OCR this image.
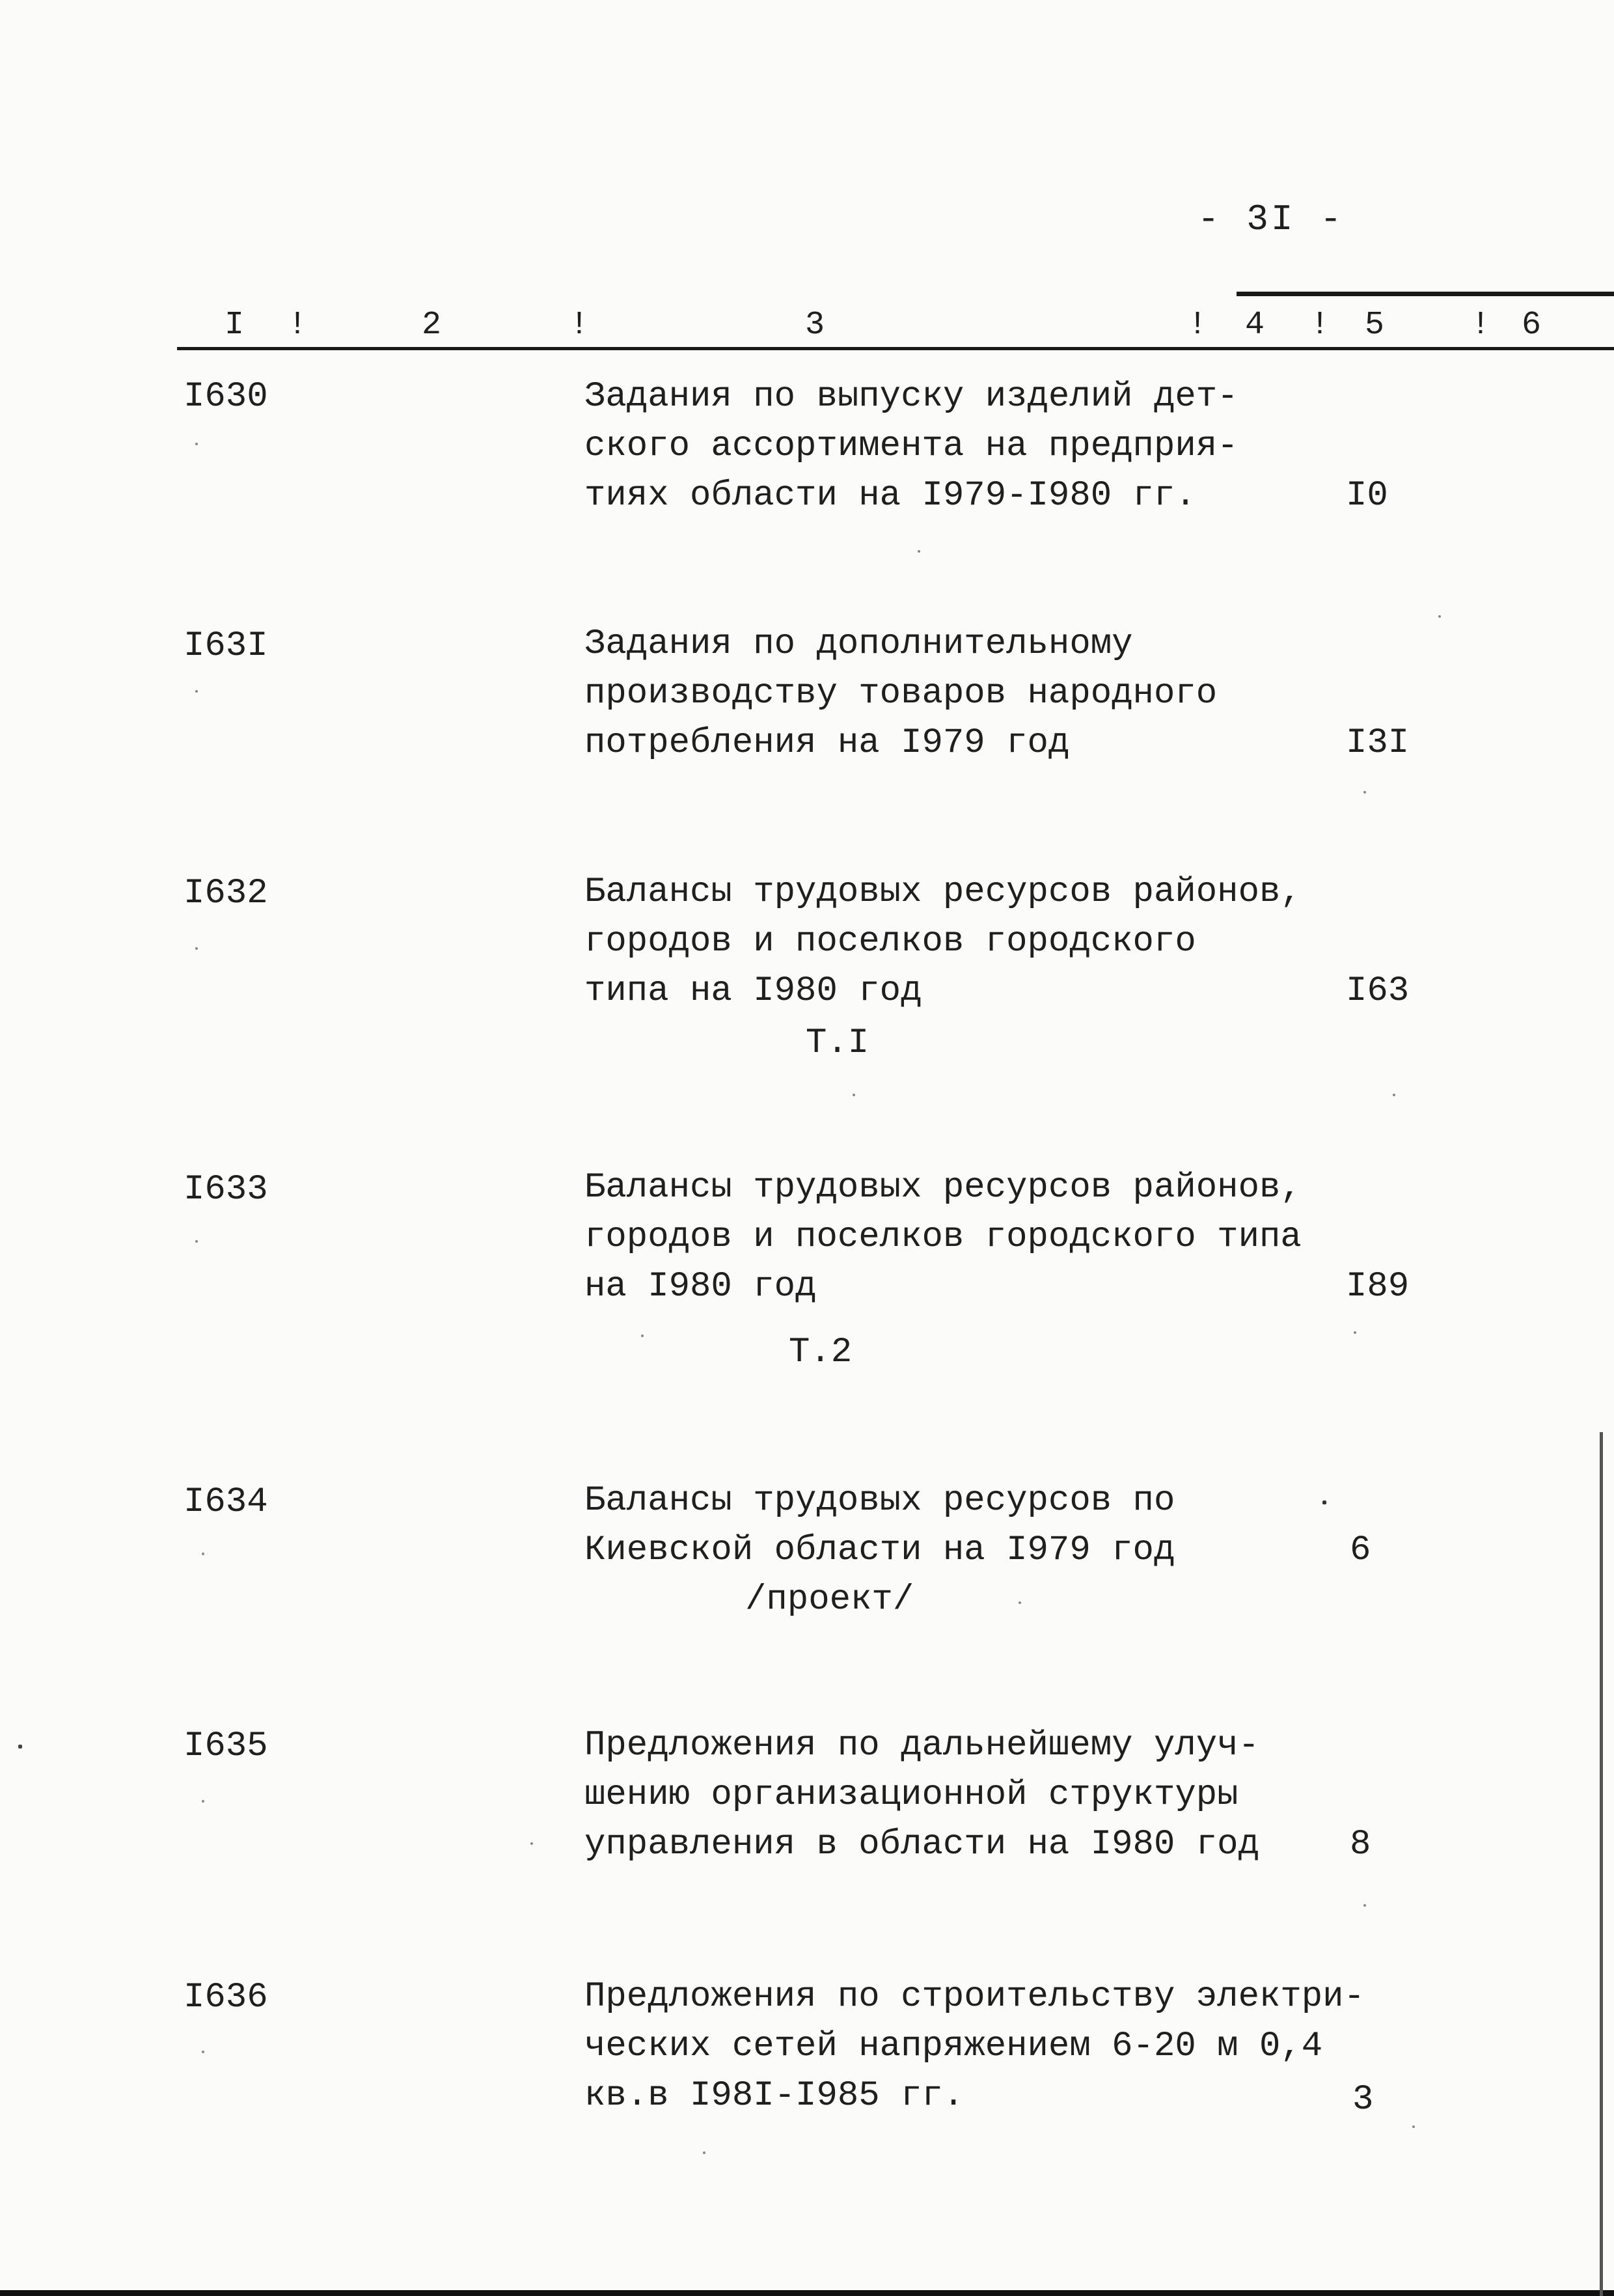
- 3I -
I !	2	!	3	! 4 ! 5	! 6
I630	Задания по выпуску изделий дет-
ского ассортимента на предприя-
тиях области на I979-I980 гг.	I0
I63I	Задания по дополнительному
производству товаров народного
потребления на I979 год	I3I
I632	Балансы трудовых ресурсов районов,
городов и поселков городского
типа на I980 год	I63
Т.I
I633	Балансы трудовых ресурсов районов,
городов и поселков городского типа
на I980 год	I89
Т.2
I634	Балансы трудовых ресурсов по
Киевской области на I979 год	6
/проект/
I635	Предложения по дальнейшему улуч-
шению организационной структуры
управления в области на I980 год	8
I636	Предложения по строительству электри-
ческих сетей напряжением 6-20 м 0,4
кв.в I98I-I985 гг.	3
